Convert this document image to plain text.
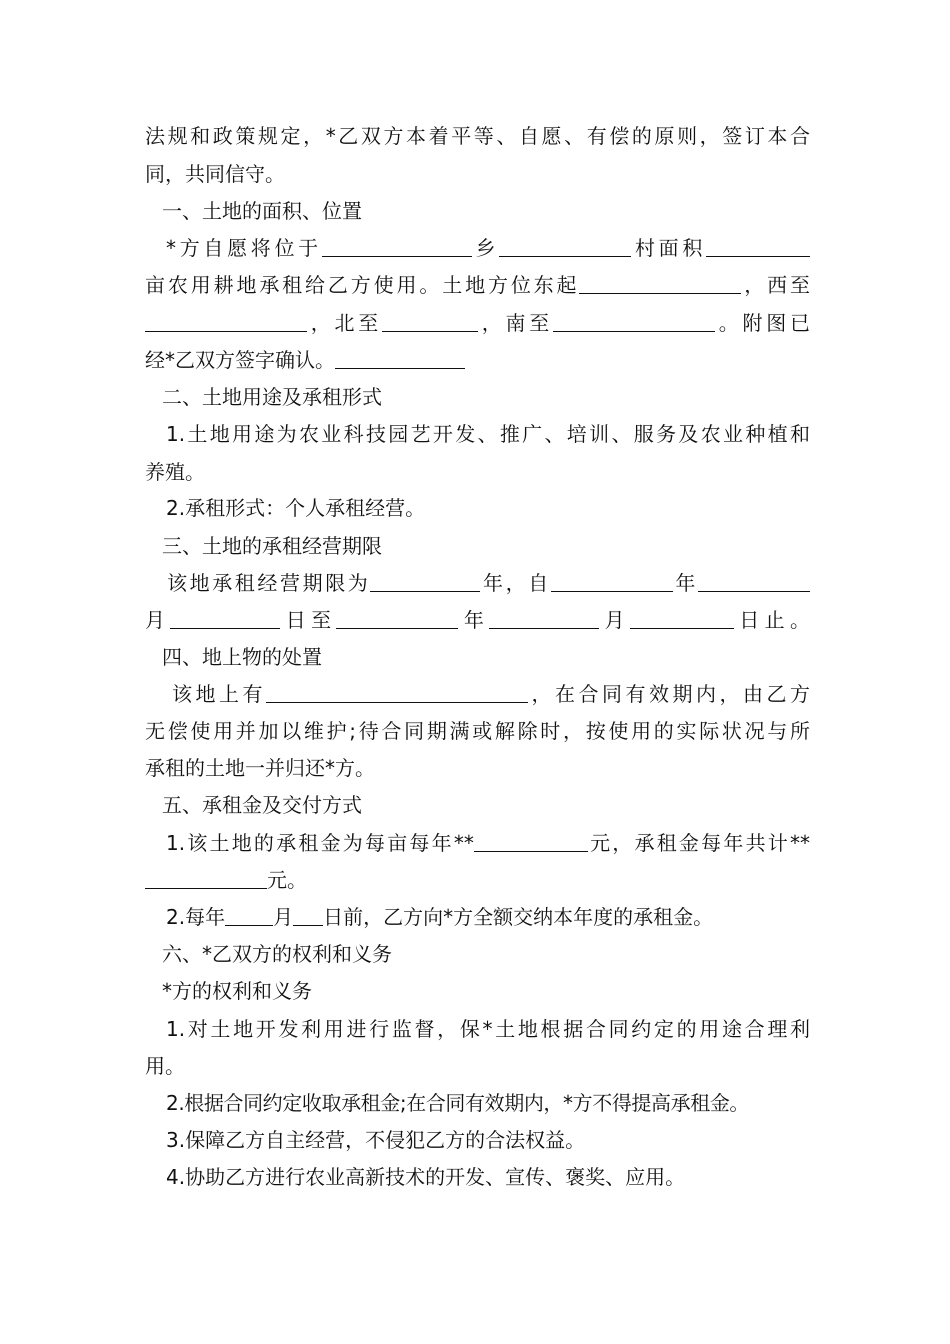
法规和政策规定，*乙双方本着平等、自愿、有偿的原则，签订本合
同，共同信守。
一、土地的面积、位置
*方自愿将位于	乡	村面积
亩农用耕地承租给乙方使用。土地方位东起	，西至
，北至	，南至	。附图已
经*乙双方签字确认。
二、土地用途及承租形式
1.土地用途为农业科技园艺开发、推广、培训、服务及农业种植和
养殖。
2.承租形式：个人承租经营。
三、土地的承租经营期限
该地承租经营期限为	年，自	年
月	日至	年	月	日止。
四、地上物的处置
该地上有	，在合同有效期内，由乙方
无偿使用并加以维护;待合同期满或解除时，按使用的实际状况与所
承租的土地一并归还*方。
五、承租金及交付方式
1.该土地的承租金为每亩每年**	元，承租金每年共计**
元。
2.每年 月 日前，乙方向*方全额交纳本年度的承租金。
六、*乙双方的权利和义务
*方的权利和义务
1.对土地开发利用进行监督，保*土地根据合同约定的用途合理利
用。
2.根据合同约定收取承租金;在合同有效期内，*方不得提高承租金。
3.保障乙方自主经营，不侵犯乙方的合法权益。
4.协助乙方进行农业高新技术的开发、宣传、褒奖、应用。
